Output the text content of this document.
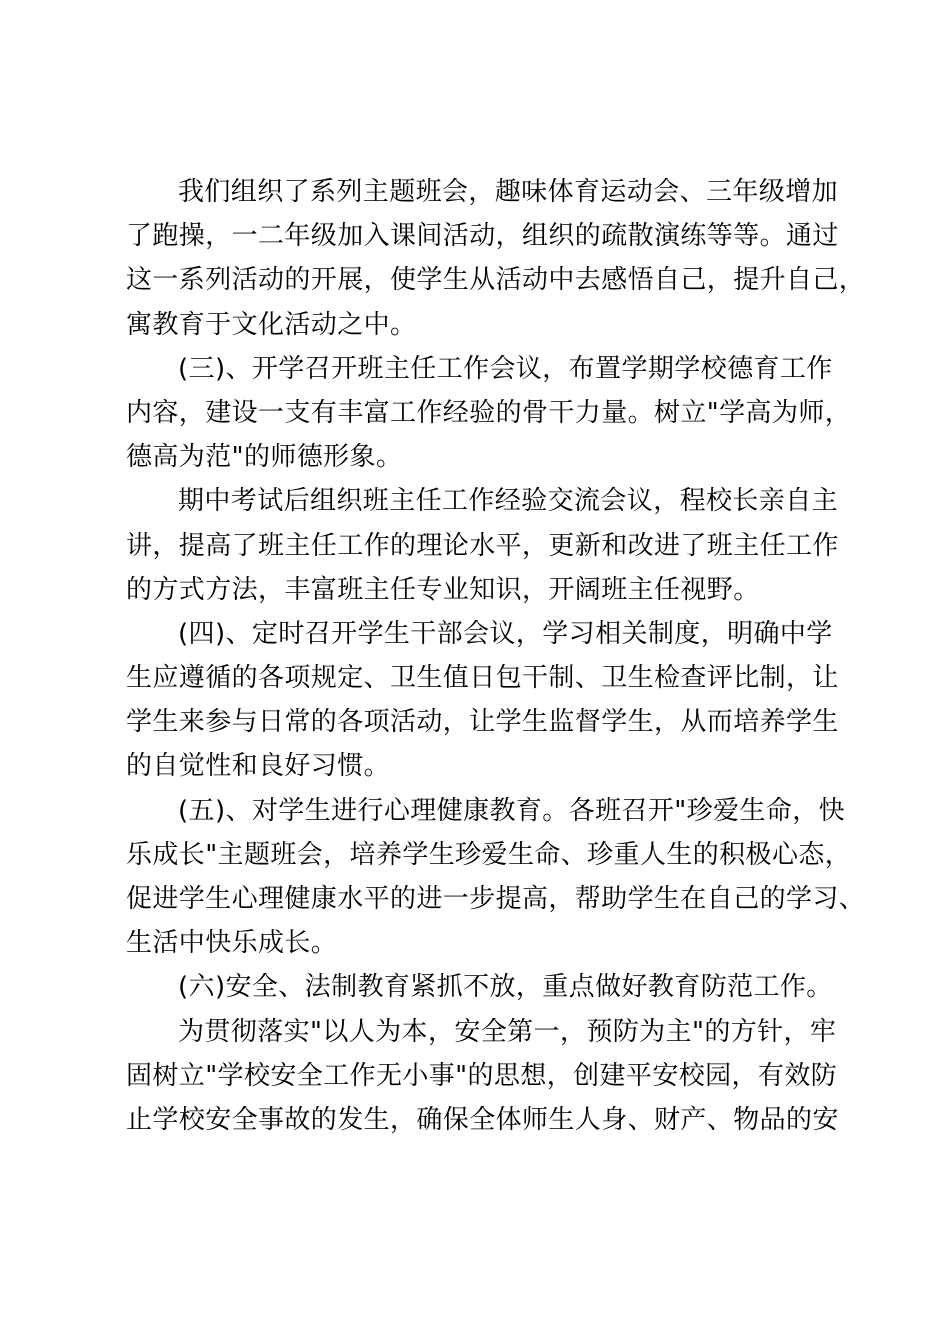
我们组织了系列主题班会，趣味体育运动会、三年级增加
了跑操，一二年级加入课间活动，组织的疏散演练等等。通过
这一系列活动的开展，使学生从活动中去感悟自己，提升自己，
寓教育于文化活动之中。
(三)、开学召开班主任工作会议，布置学期学校德育工作
内容，建设一支有丰富工作经验的骨干力量。树立"学高为师，
德高为范"的师德形象。
期中考试后组织班主任工作经验交流会议，程校长亲自主
讲，提高了班主任工作的理论水平，更新和改进了班主任工作
的方式方法，丰富班主任专业知识，开阔班主任视野。
(四)、定时召开学生干部会议，学习相关制度，明确中学
生应遵循的各项规定、卫生值日包干制、卫生检查评比制，让
学生来参与日常的各项活动，让学生监督学生，从而培养学生
的自觉性和良好习惯。
(五)、对学生进行心理健康教育。各班召开"珍爱生命，快
乐成长"主题班会，培养学生珍爱生命、珍重人生的积极心态，
促进学生心理健康水平的进一步提高，帮助学生在自己的学习、
生活中快乐成长。
(六)安全、法制教育紧抓不放，重点做好教育防范工作。
为贯彻落实"以人为本，安全第一，预防为主"的方针，牢
固树立"学校安全工作无小事"的思想，创建平安校园，有效防
止学校安全事故的发生，确保全体师生人身、财产、物品的安
